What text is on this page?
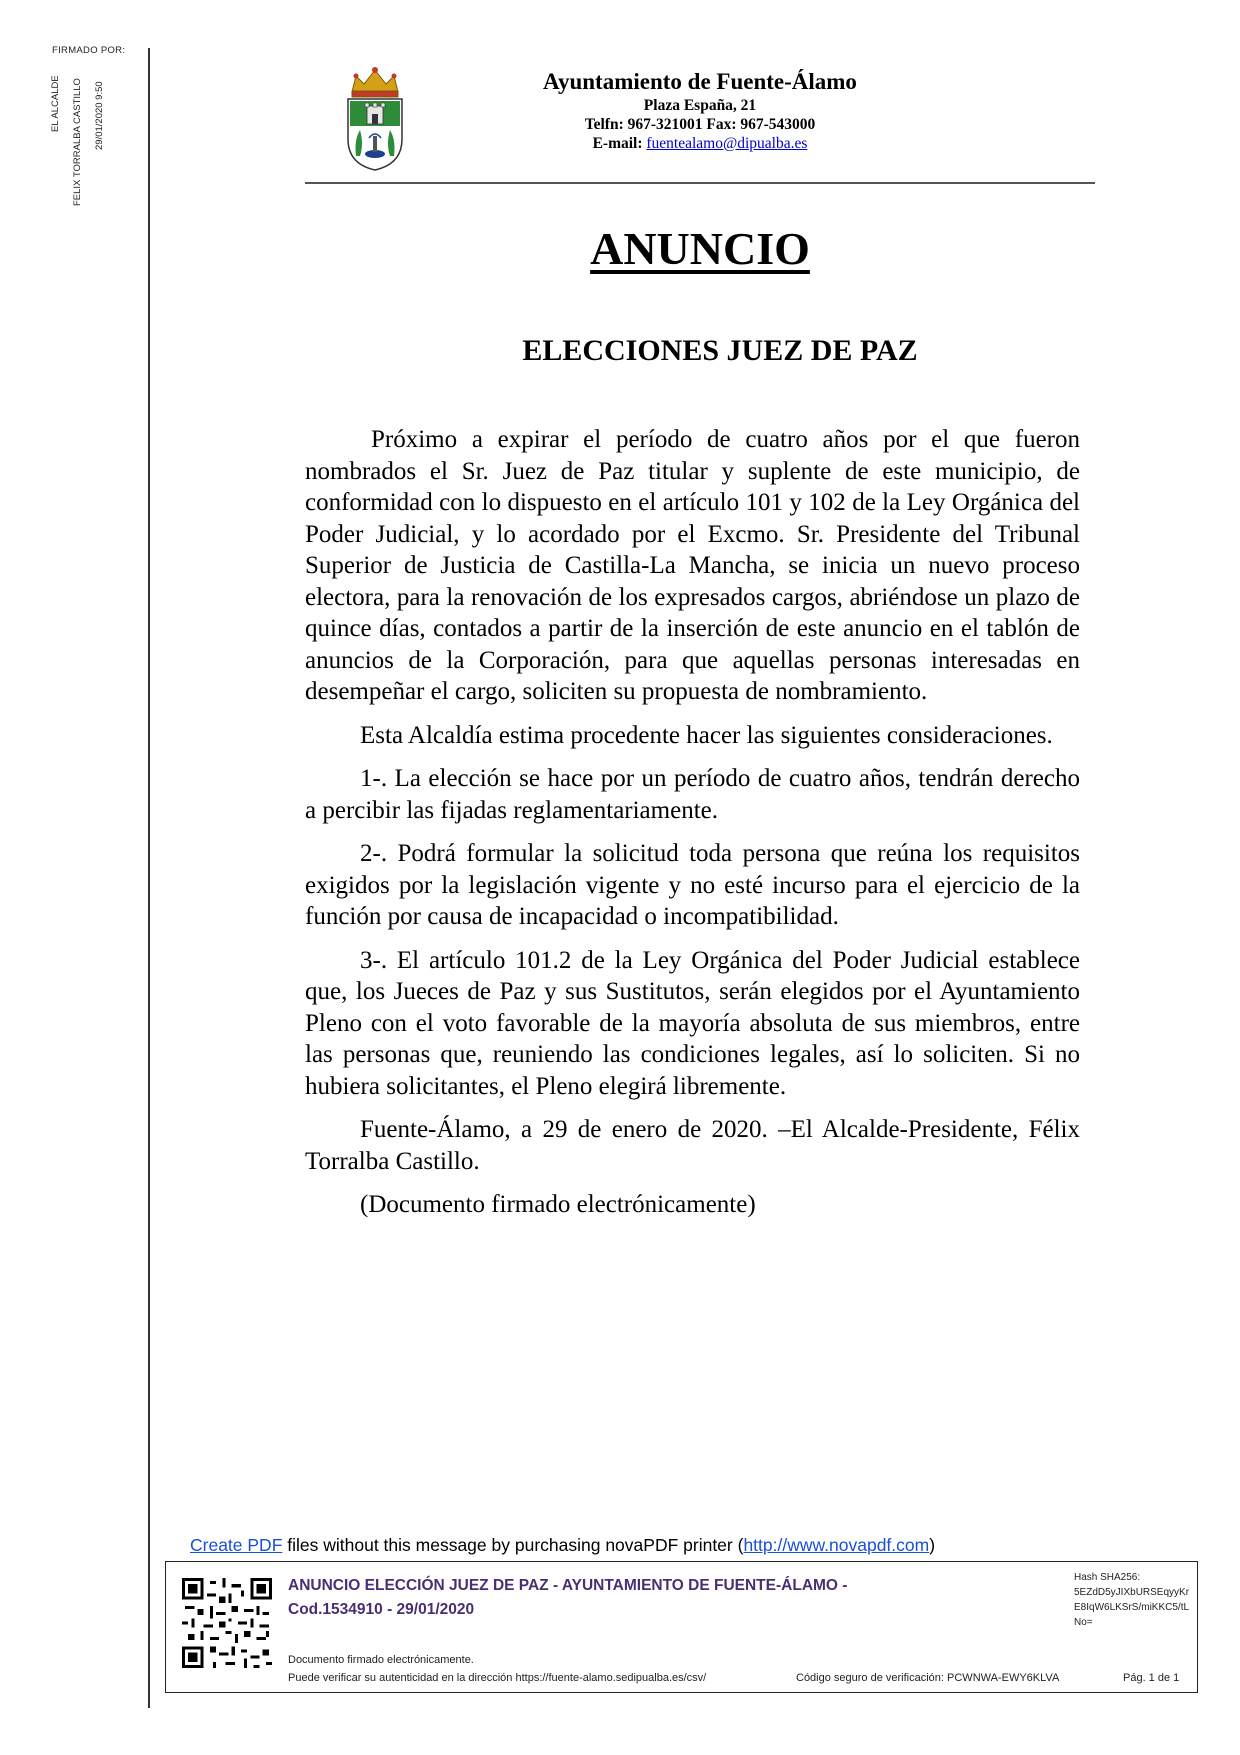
FIRMADO POR:
EL ALCALDE FELIX TORRALBA CASTILLO 29/01/2020 9:50	Ayuntamiento de Fuente-Álamo
Plaza España, 21
Telfn: 967-321001 Fax: 967-543000
E-mail: fuentealamo@dipualba.es
ANUNCIO
ELECCIONES JUEZ DE PAZ

Próximo a expirar el período de cuatro años por el que fueron nombrados el Sr. Juez de Paz titular y suplente de este municipio, de conformidad con lo dispuesto en el artículo 101 y 102 de la Ley Orgánica del Poder Judicial, y lo acordado por el Excmo. Sr. Presidente del Tribunal Superior de Justicia de Castilla-La Mancha, se inicia un nuevo proceso electora, para la renovación de los expresados cargos, abriéndose un plazo de quince días, contados a partir de la inserción de este anuncio en el tablón de anuncios de la Corporación, para que aquellas personas interesadas en desempeñar el cargo, soliciten su propuesta de nombramiento.

Esta Alcaldía estima procedente hacer las siguientes consideraciones.

1-. La elección se hace por un período de cuatro años, tendrán derecho a percibir las fijadas reglamentariamente.

2-. Podrá formular la solicitud toda persona que reúna los requisitos exigidos por la legislación vigente y no esté incurso para el ejercicio de la función por causa de incapacidad o incompatibilidad.

3-. El artículo 101.2 de la Ley Orgánica del Poder Judicial establece que, los Jueces de Paz y sus Sustitutos, serán elegidos por el Ayuntamiento Pleno con el voto favorable de la mayoría absoluta de sus miembros, entre las personas que, reuniendo las condiciones legales, así lo soliciten. Si no hubiera solicitantes, el Pleno elegirá libremente.

Fuente-Álamo, a 29 de enero de 2020. –El Alcalde-Presidente, Félix Torralba Castillo.

(Documento firmado electrónicamente)

Create PDF files without this message by purchasing novaPDF printer (http://www.novapdf.com)
ANUNCIO ELECCIÓN JUEZ DE PAZ - AYUNTAMIENTO DE FUENTE-ÁLAMO -
Cod.1534910 - 29/01/2020
Hash SHA256:
5EZdD5yJIXbURSEqyyKrE8IqW6LKSrS/miKKC5/tLNo=
Documento firmado electrónicamente.
Puede verificar su autenticidad en la dirección https://fuente-alamo.sedipualba.es/csv/	Código seguro de verificación: PCWNWA-EWY6KLVA	Pág. 1 de 1
